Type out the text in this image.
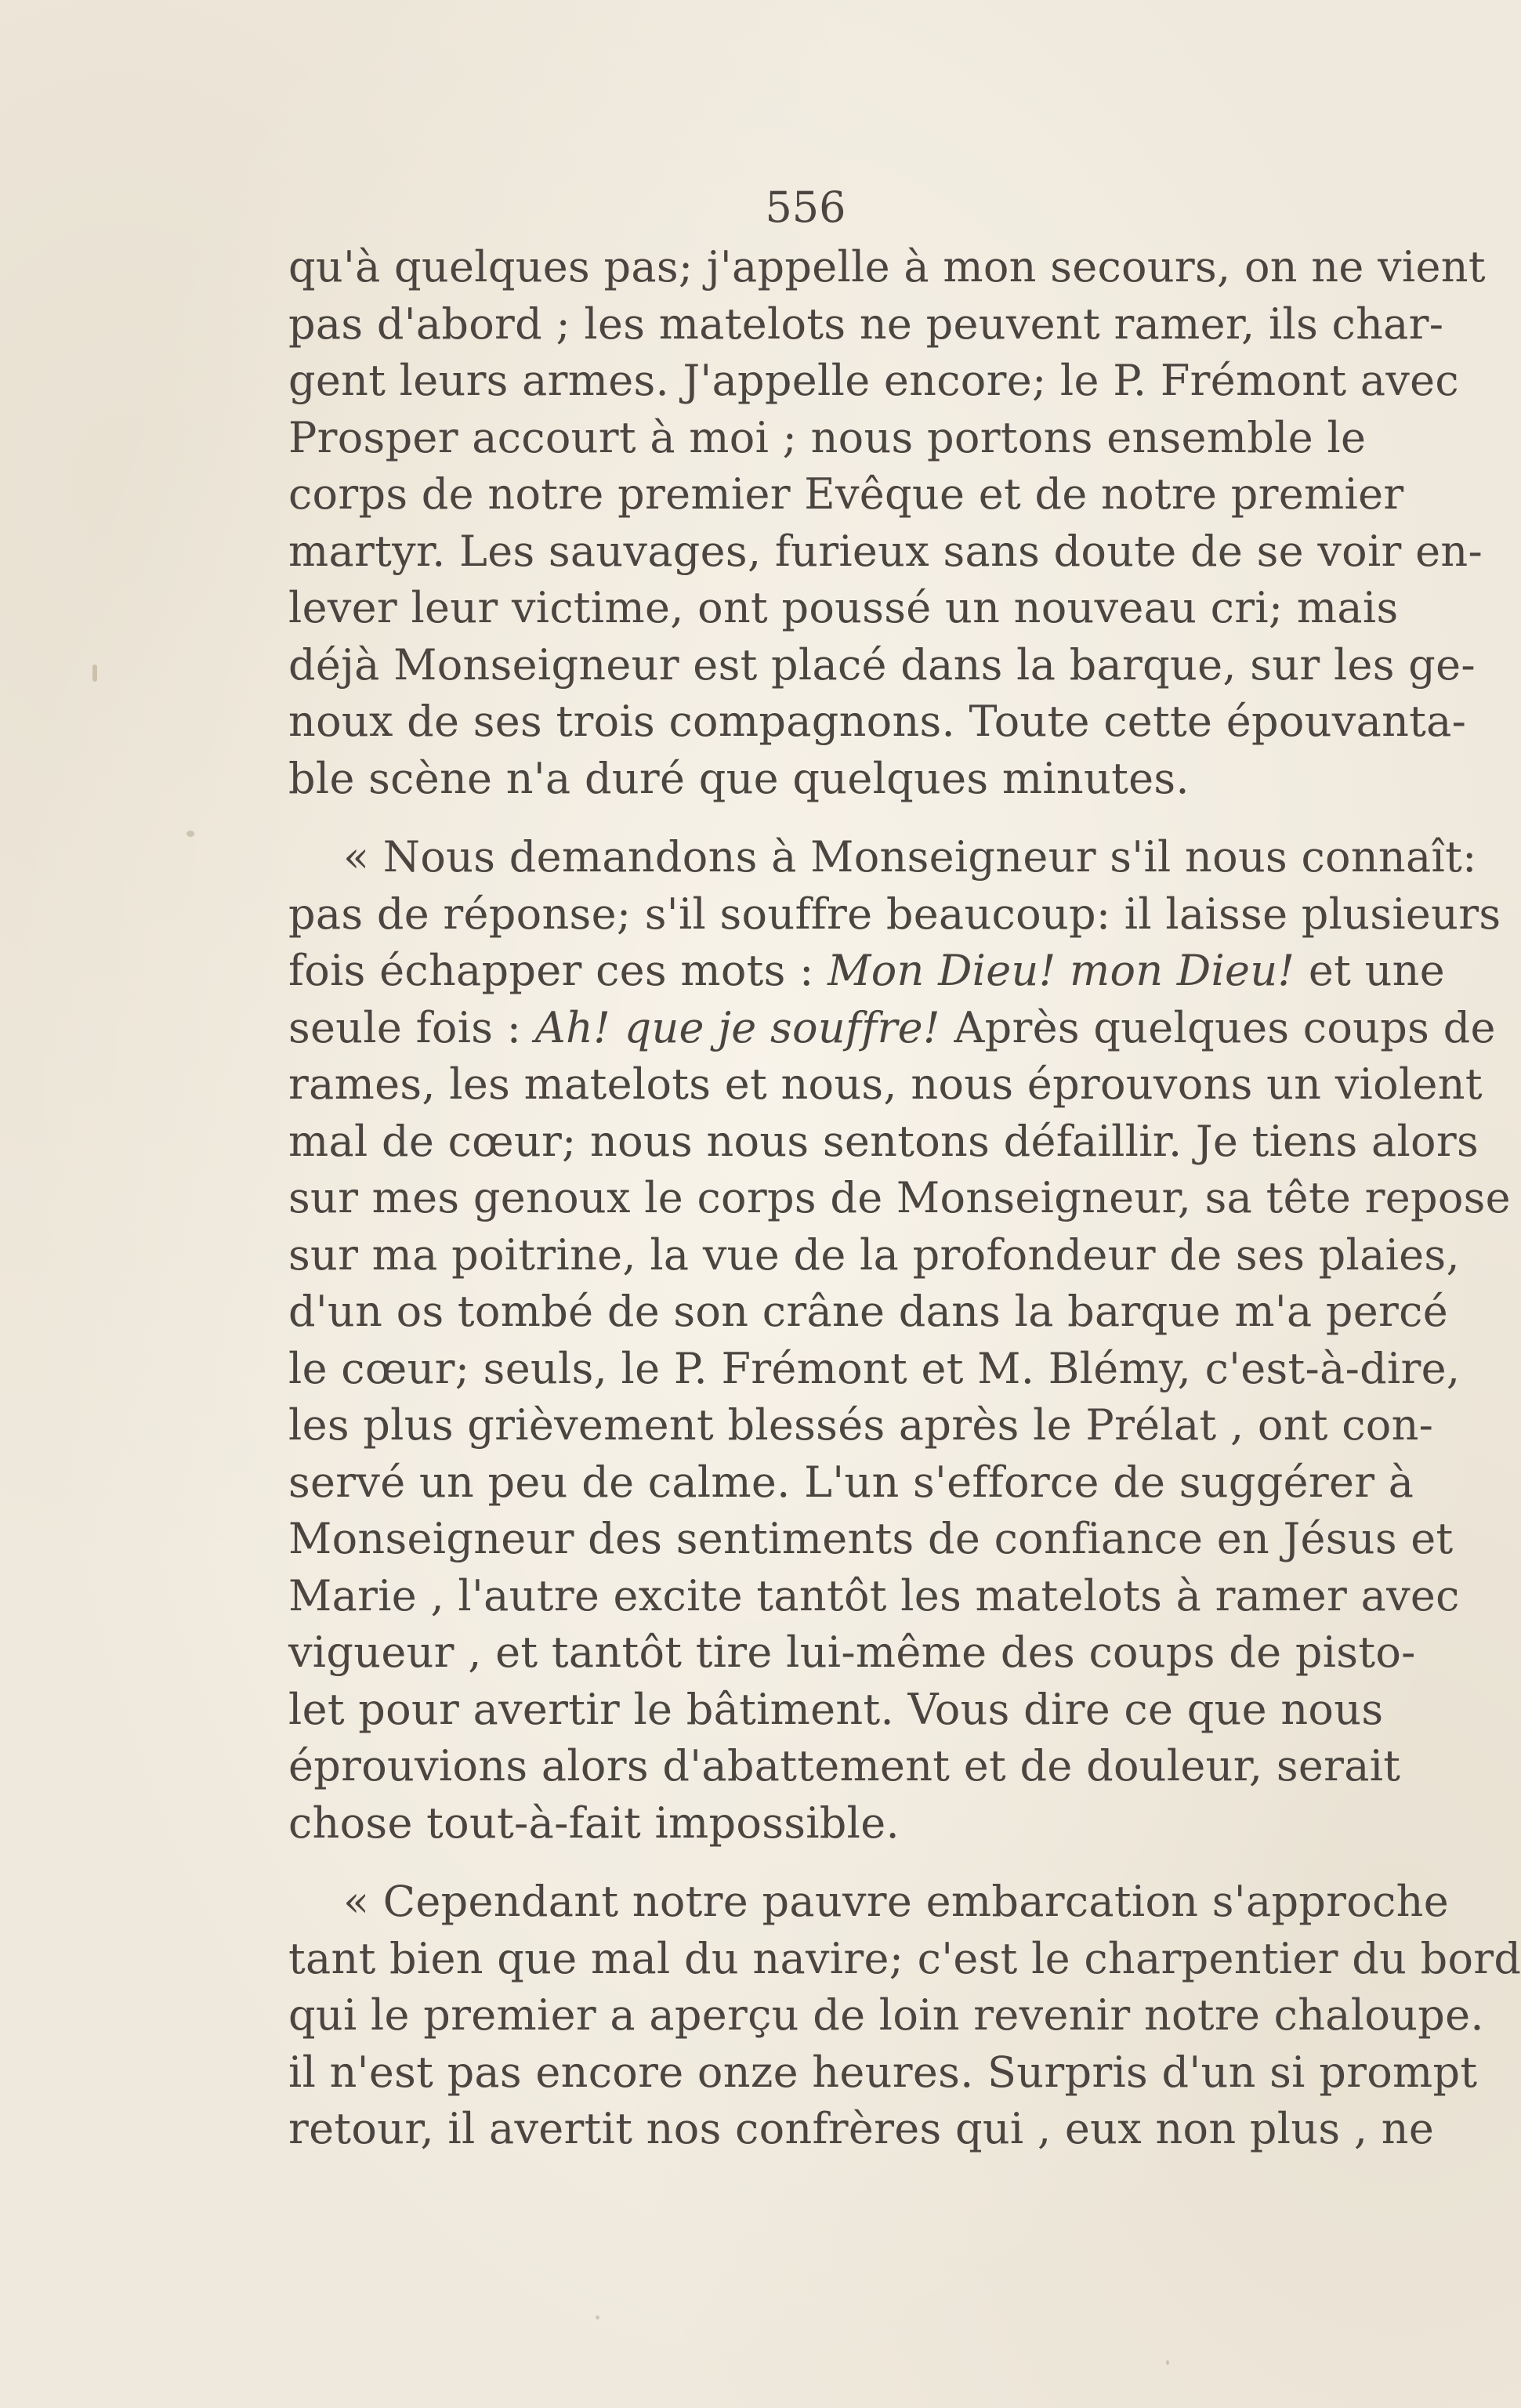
556
qu'à quelques pas; j'appelle à mon secours, on ne vient
pas d'abord ; les matelots ne peuvent ramer, ils char-
gent leurs armes. J'appelle encore; le P. Frémont avec
Prosper accourt à moi ; nous portons ensemble le
corps de notre premier Evêque et de notre premier
martyr. Les sauvages, furieux sans doute de se voir en-
lever leur victime, ont poussé un nouveau cri; mais
déjà Monseigneur est placé dans la barque, sur les ge-
noux de ses trois compagnons. Toute cette épouvanta-
ble scène n'a duré que quelques minutes.
« Nous demandons à Monseigneur s'il nous connaît:
pas de réponse; s'il souffre beaucoup: il laisse plusieurs
fois échapper ces mots : Mon Dieu! mon Dieu! et une
seule fois : Ah! que je souffre! Après quelques coups de
rames, les matelots et nous, nous éprouvons un violent
mal de cœur; nous nous sentons défaillir. Je tiens alors
sur mes genoux le corps de Monseigneur, sa tête repose
sur ma poitrine, la vue de la profondeur de ses plaies,
d'un os tombé de son crâne dans la barque m'a percé
le cœur; seuls, le P. Frémont et M. Blémy, c'est-à-dire,
les plus grièvement blessés après le Prélat , ont con-
servé un peu de calme. L'un s'efforce de suggérer à
Monseigneur des sentiments de confiance en Jésus et
Marie , l'autre excite tantôt les matelots à ramer avec
vigueur , et tantôt tire lui-même des coups de pisto-
let pour avertir le bâtiment. Vous dire ce que nous
éprouvions alors d'abattement et de douleur, serait
chose tout-à-fait impossible.
« Cependant notre pauvre embarcation s'approche
tant bien que mal du navire; c'est le charpentier du bord
qui le premier a aperçu de loin revenir notre chaloupe.
il n'est pas encore onze heures. Surpris d'un si prompt
retour, il avertit nos confrères qui , eux non plus , ne
